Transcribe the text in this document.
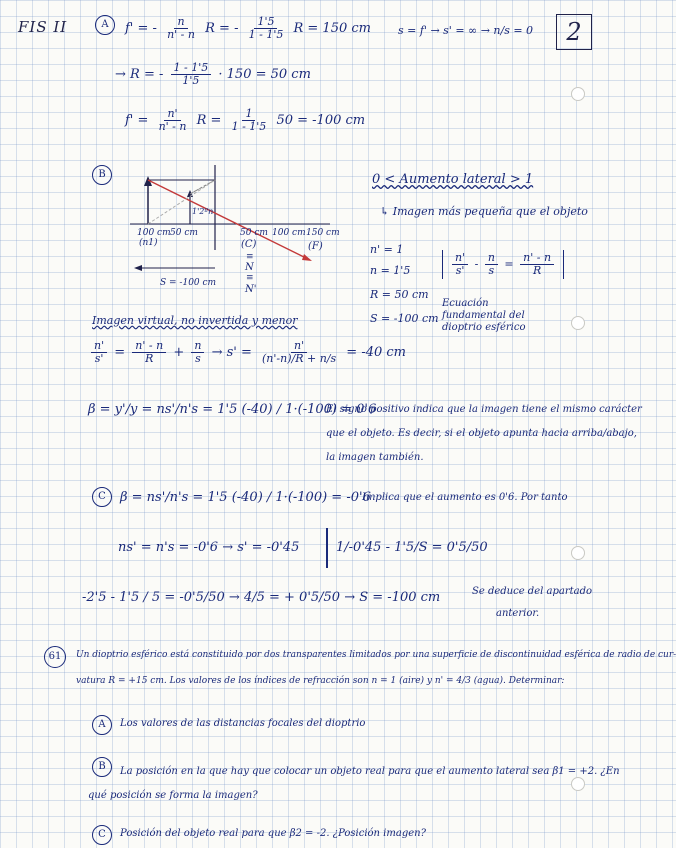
FIS II	2
A	f' = - $\frac{n}{n' - n}$ R = - $\frac{1'5}{1 - 1'5}$ R = 150 cm s = f' → s' = ∞ → n/s = 0
→ R = - $\frac{1 - 1'5}{1'5} \cdot 150 = 50$ cm
$f' = \frac{n'}{n' - n}$ $R = \frac{1}{1 - 1'5} 50 = -100$ cm
B
100 cm
(n1)
50 cm
1'2ºn
50 cm
(C)
100 cm 150 cm
(F)
≡
N
≡
N'
S = -100 cm
0 < Aumento lateral > 1
↳ Imagen más pequeña que el objeto
n' = 1
n = 1'5
R = 50 cm
S = -100 cm
$\frac{n'}{s'} - \frac{n}{s} = \frac{n' - n}{R}$
Ecuación fundamental del dioptrio esférico
Imagen virtual, no invertida y menor
$\frac{n'}{s'} = \frac{n' - n}{R} + \frac{n}{s} \to s' = \frac{n'}{(n'-n)/R + n/s} = -40$ cm
β = y'/y = ns'/n's = 1'5 (-40) / 1·(-100) = 0'6
El signo positivo indica que la imagen tiene el mismo carácter
que el objeto. Es decir, si el objeto apunta hacia arriba/abajo,
la imagen también.
C	β = ns'/n's = 1'5 (-40) / 1·(-100) = -0'6
Implica que el aumento es 0'6. Por tanto
ns' = n's = -0'6 → s' = -0'45	1/-0'45 - 1'5/S = 0'5/50
-2'5 - 1'5 / 5 = -0'5/50 → 4/5 = + 0'5/50 → S = -100 cm	Se deduce del apartado
anterior.
61	Un dioptrio esférico está constituido por dos transparentes limitados por una superficie de discontinuidad esférica de radio de cur-
vatura R = +15 cm. Los valores de los índices de refracción son n = 1 (aire) y n' = 4/3 (agua). Determinar:
A	Los valores de las distancias focales del dioptrio
B	La posición en la que hay que colocar un objeto real para que el aumento lateral sea β1 = +2. ¿En
qué posición se forma la imagen?
C	Posición del objeto real para que β2 = -2. ¿Posición imagen?
